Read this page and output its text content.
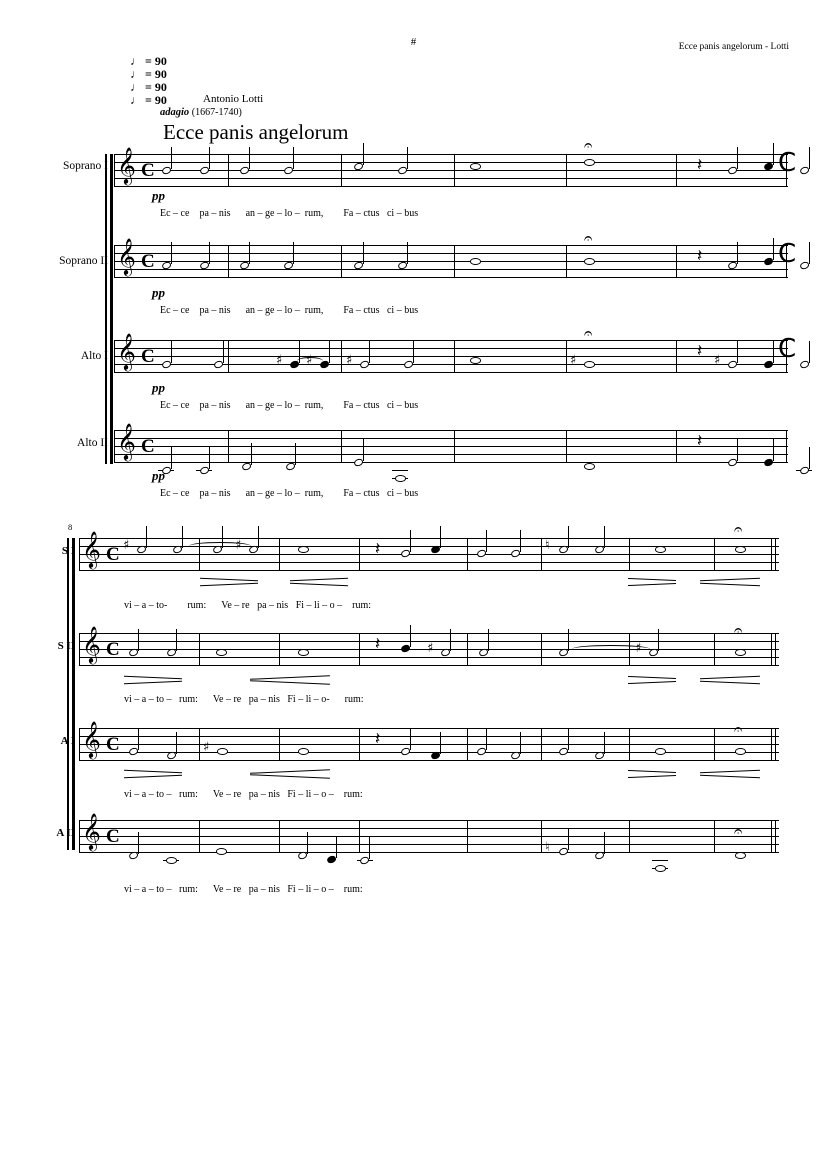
#	Ecce panis angelorum - Lotti
♩ = 90
♩ = 90
♩ = 90
♩ = 90	Antonio Lotti
adagio (1667-1740)
Ecce panis angelorum
Soprano I 𝄞 C
𝄐
𝄽	C
pp
Ec – ce pa – nis an – ge – lo –  rum, Fa – ctus ci – bus
Soprano II 𝄞 C
𝄐
𝄽	C
pp
Ec – ce pa – nis an – ge – lo –  rum, Fa – ctus ci – bus
Alto I 𝄞 C	♯ ♯	♯	♯
𝄐
𝄽 ♯ C
pp
Ec – ce pa – nis an – ge – lo –  rum, Fa – ctus ci – bus
Alto II 𝄞 C	𝄽
pp
Ec – ce pa – nis an – ge – lo –  rum, Fa – ctus ci – bus
8
S I 𝄞 C ♯	♯	𝄽	♮
𝄐
vi – a – to- rum: Ve – re pa – nis Fi – li – o –    rum:
S II 𝄞 C	𝄽	♯	♯
𝄐
vi – a – to –   rum: Ve – re pa – nis Fi – li – o- rum:
A I 𝄞 C	♯	𝄽	𝄐
vi – a – to –   rum: Ve – re pa – nis Fi – li – o –    rum:
A II 𝄞 C
♮
𝄐
vi – a – to –   rum: Ve – re pa – nis Fi – li – o –    rum:
